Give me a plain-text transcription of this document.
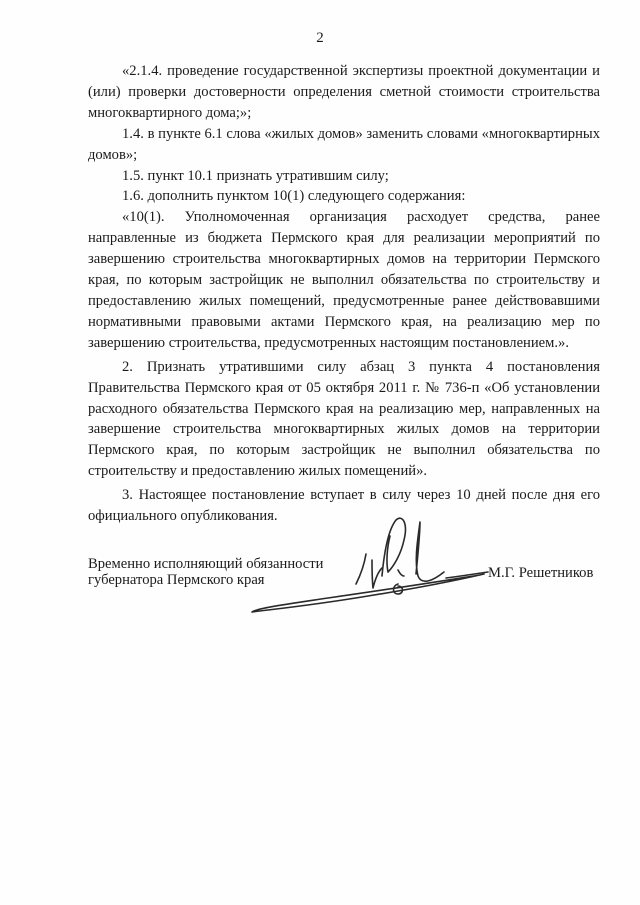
2

«2.1.4. проведение государственной экспертизы проектной документации и (или) проверки достоверности определения сметной стоимости строительства многоквартирного дома;»;

1.4. в пункте 6.1 слова «жилых домов» заменить словами «многоквартирных домов»;

1.5. пункт 10.1 признать утратившим силу;

1.6. дополнить пунктом 10(1) следующего содержания:

«10(1). Уполномоченная организация расходует средства, ранее направленные из бюджета Пермского края для реализации мероприятий по завершению строительства многоквартирных домов на территории Пермского края, по которым застройщик не выполнил обязательства по строительству и предоставлению жилых помещений, предусмотренные ранее действовавшими нормативными правовыми актами Пермского края, на реализацию мер по завершению строительства, предусмотренных настоящим постановлением.».

2. Признать утратившими силу абзац 3 пункта 4 постановления Правительства Пермского края от 05 октября 2011 г. № 736-п «Об установлении расходного обязательства Пермского края на реализацию мер, направленных на завершение строительства многоквартирных жилых домов на территории Пермского края, по которым застройщик не выполнил обязательства по строительству и предоставлению жилых помещений».

3. Настоящее постановление вступает в силу через 10 дней после дня его официального опубликования.

Временно исполняющий обязанности
губернатора Пермского края	М.Г. Решетников
